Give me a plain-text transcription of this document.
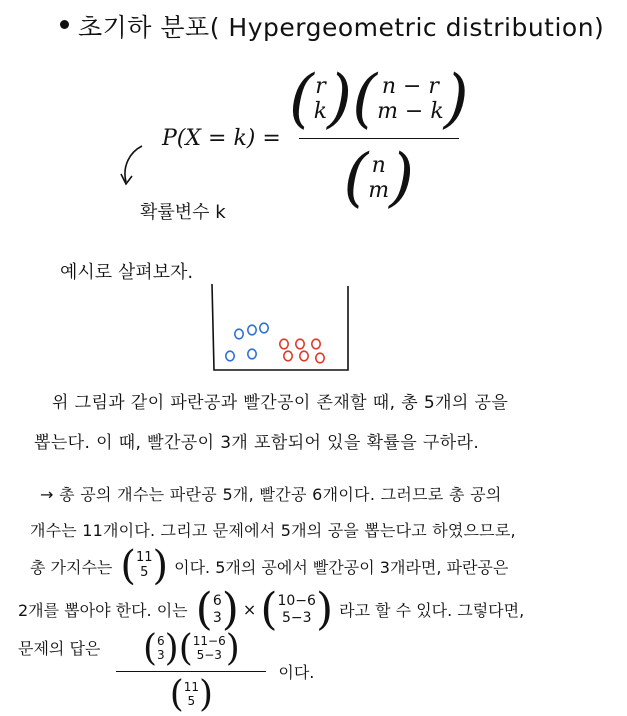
초기하 분포( Hypergeometric distribution)
P(X = k) =
( r
k ) ( n − r
m − k )
( n
m )
확률변수 k
예시로 살펴보자.
위 그림과 같이 파란공과 빨간공이 존재할 때, 총 5개의 공을
뽑는다. 이 때, 빨간공이 3개 포함되어 있을 확률을 구하라.
→ 총 공의 개수는 파란공 5개, 빨간공 6개이다. 그러므로 총 공의
개수는 11개이다. 그리고 문제에서 5개의 공을 뽑는다고 하였으므로,
총 가지수는 ( 11
5 ) 이다. 5개의 공에서 빨간공이 3개라면, 파란공은
2개를 뽑아야 한다. 이는 ( 6
3 ) × ( 10−6
5−3 ) 라고 할 수 있다. 그렇다면,
문제의 답은 ( 6
3 ) ( 11−6
5−3 )
( 11
5 )
이다.
